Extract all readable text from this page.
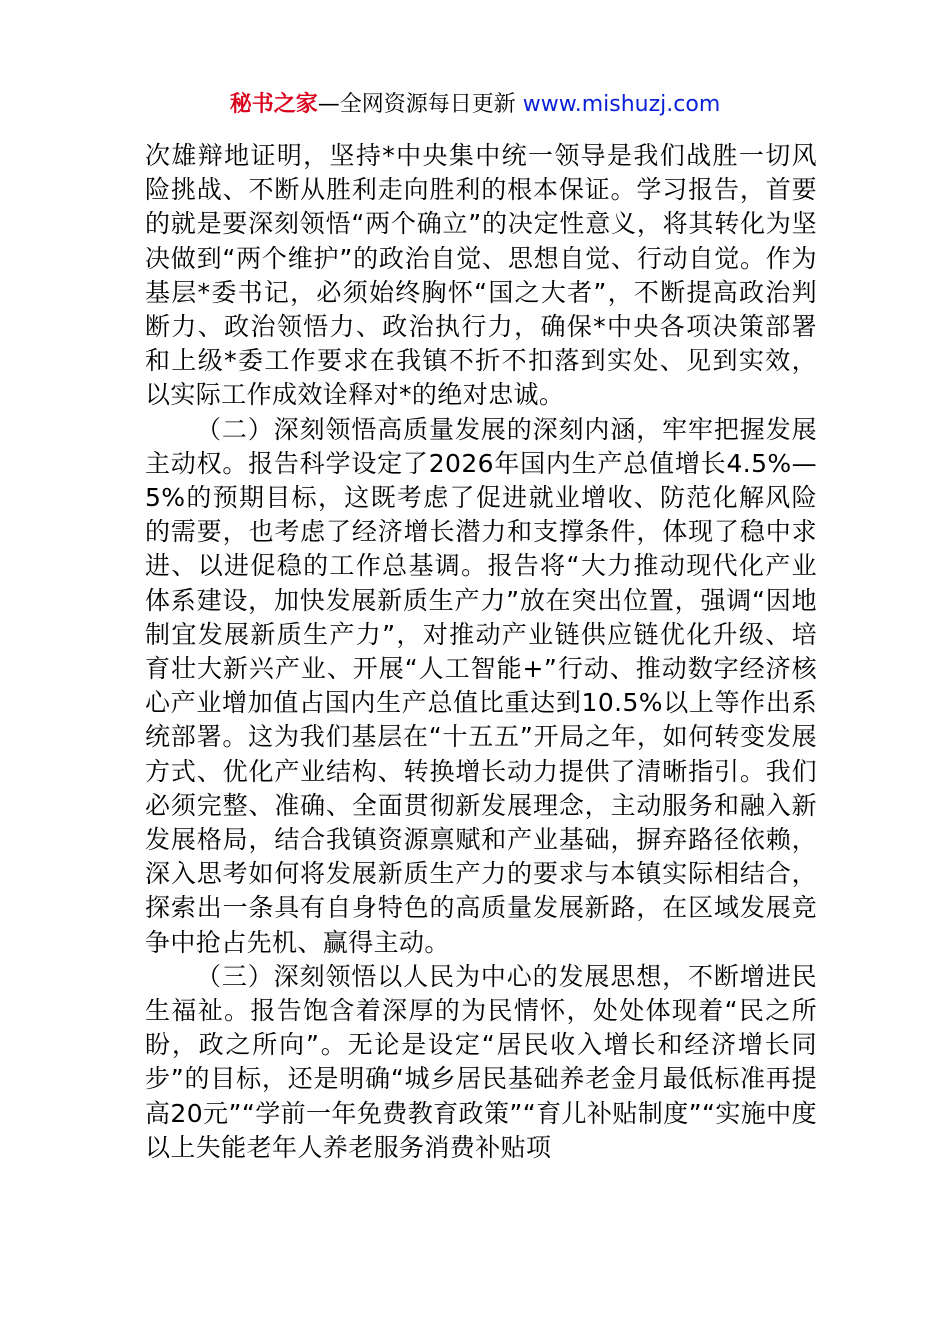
秘书之家—全网资源每日更新 www.mishuzj.com

次雄辩地证明，坚持*中央集中统一领导是我们战胜一切风险挑战、不断从胜利走向胜利的根本保证。学习报告，首要的就是要深刻领悟“两个确立”的决定性意义，将其转化为坚决做到“两个维护”的政治自觉、思想自觉、行动自觉。作为基层*委书记，必须始终胸怀“国之大者”，不断提高政治判断力、政治领悟力、政治执行力，确保*中央各项决策部署和上级*委工作要求在我镇不折不扣落到实处、见到实效，以实际工作成效诠释对*的绝对忠诚。

（二）深刻领悟高质量发展的深刻内涵，牢牢把握发展主动权。报告科学设定了2026年国内生产总值增长4.5%—5%的预期目标，这既考虑了促进就业增收、防范化解风险的需要，也考虑了经济增长潜力和支撑条件，体现了稳中求进、以进促稳的工作总基调。报告将“大力推动现代化产业体系建设，加快发展新质生产力”放在突出位置，强调“因地制宜发展新质生产力”，对推动产业链供应链优化升级、培育壮大新兴产业、开展“人工智能+”行动、推动数字经济核心产业增加值占国内生产总值比重达到10.5%以上等作出系统部署。这为我们基层在“十五五”开局之年，如何转变发展方式、优化产业结构、转换增长动力提供了清晰指引。我们必须完整、准确、全面贯彻新发展理念，主动服务和融入新发展格局，结合我镇资源禀赋和产业基础，摒弃路径依赖，深入思考如何将发展新质生产力的要求与本镇实际相结合，探索出一条具有自身特色的高质量发展新路，在区域发展竞争中抢占先机、赢得主动。

（三）深刻领悟以人民为中心的发展思想，不断增进民生福祉。报告饱含着深厚的为民情怀，处处体现着“民之所盼，政之所向”。无论是设定“居民收入增长和经济增长同步”的目标，还是明确“城乡居民基础养老金月最低标准再提高20元”“学前一年免费教育政策”“育儿补贴制度”“实施中度以上失能老年人养老服务消费补贴项
